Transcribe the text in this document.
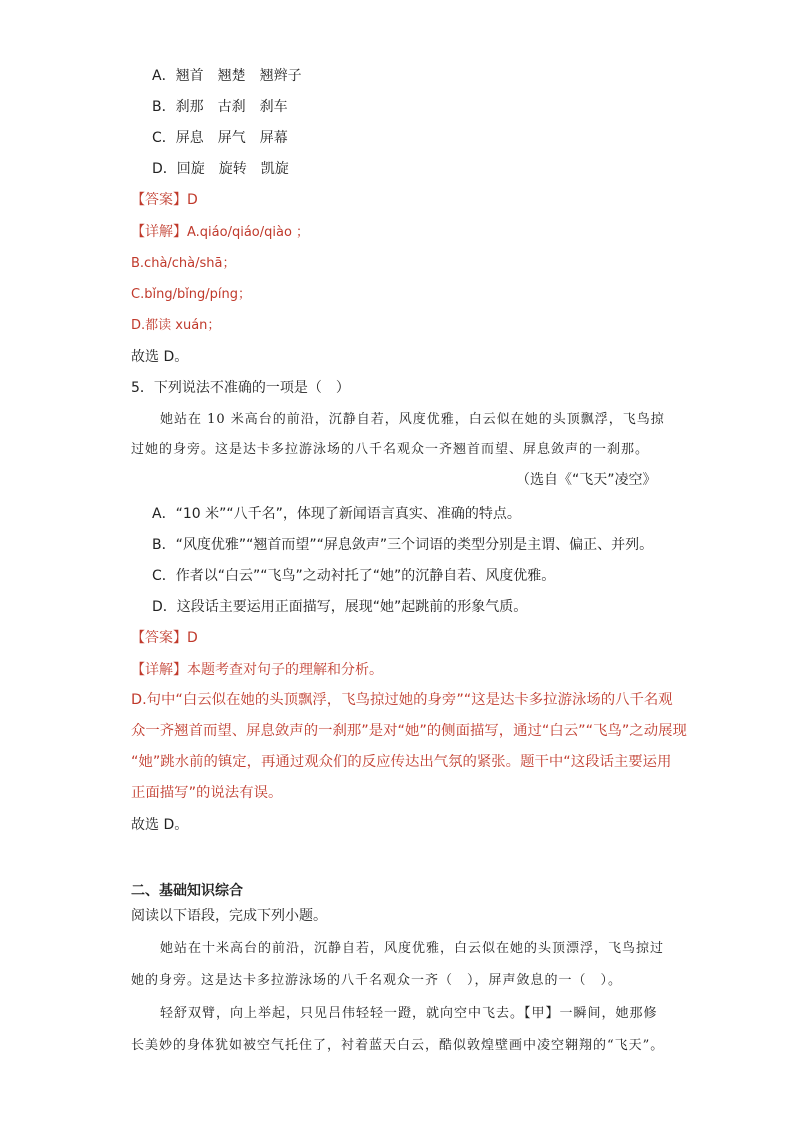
A．翘首 翘楚 翘辫子
B．刹那 古刹 刹车
C．屏息 屏气 屏幕
D．回旋 旋转 凯旋
【答案】D
【详解】A.qiáo/qiáo/qiào ；
B.chà/chà/shā；
C.bǐng/bǐng/píng；
D.都读 xuán；
故选 D。
5．下列说法不准确的一项是（　）
她站在 10 米高台的前沿，沉静自若，风度优雅，白云似在她的头顶飘浮，飞鸟掠
过她的身旁。这是达卡多拉游泳场的八千名观众一齐翘首而望、屏息敛声的一刹那。
（选自《“飞天”凌空》
A．“10 米”“八千名”，体现了新闻语言真实、准确的特点。
B．“风度优雅”“翘首而望”“屏息敛声”三个词语的类型分别是主谓、偏正、并列。
C．作者以“白云”“飞鸟”之动衬托了“她”的沉静自若、风度优雅。
D．这段话主要运用正面描写，展现“她”起跳前的形象气质。
【答案】D
【详解】本题考查对句子的理解和分析。
D.句中“白云似在她的头顶飘浮，飞鸟掠过她的身旁”“这是达卡多拉游泳场的八千名观
众一齐翘首而望、屏息敛声的一刹那”是对“她”的侧面描写，通过“白云”“飞鸟”之动展现
“她”跳水前的镇定，再通过观众们的反应传达出气氛的紧张。题干中“这段话主要运用
正面描写”的说法有误。
故选 D。
二、基础知识综合
阅读以下语段，完成下列小题。
她站在十米高台的前沿，沉静自若，风度优雅，白云似在她的头顶漂浮，飞鸟掠过
她的身旁。这是达卡多拉游泳场的八千名观众一齐（　），屏声敛息的一（　）。
轻舒双臂，向上举起，只见吕伟轻轻一蹬，就向空中飞去。【甲】一瞬间，她那修
长美妙的身体犹如被空气托住了，衬着蓝天白云，酷似敦煌壁画中凌空翱翔的“飞天”。
